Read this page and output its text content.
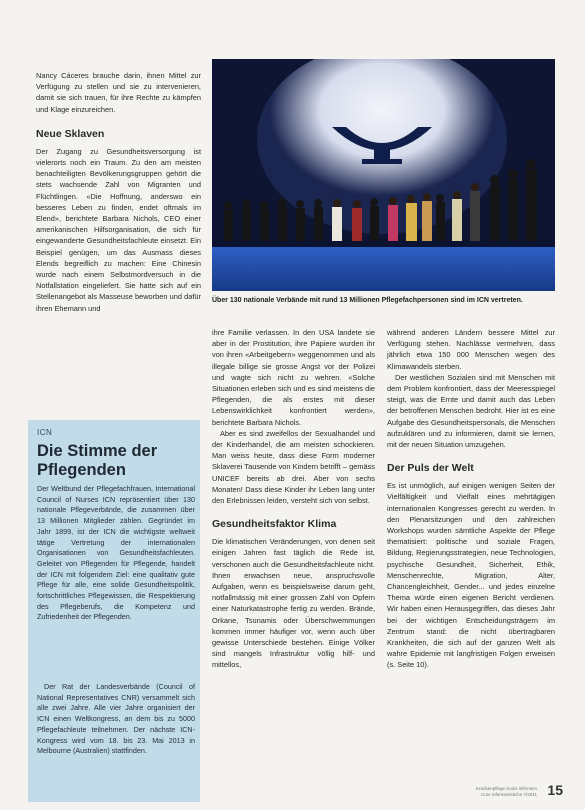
Nancy Cáceres brauche darin, ihnen Mittel zur Verfügung zu stellen und sie zu intervenieren, damit sie sich trauen, für ihre Rechte zu kämpfen und Klage einzureichen.

Neue Sklaven

Der Zugang zu Gesundheitsversorgung ist vielerorts noch ein Traum. Zu den am meisten benachteiligten Bevölkerungsgruppen gehört die stets wachsende Zahl von Migranten und Flüchtlingen. «Die Hoffnung, anderswo ein besseres Leben zu finden, endet oftmals im Elend», berichtete Barbara Nichols, CEO einer amerikanischen Hilfsorganisation, die sich für eingewanderte Gesundheitsfachleute einsetzt. Ein Beispiel genügen, um das Ausmass dieses Elends begreiflich zu machen: Eine Chinesin wurde nach einem Selbstmordversuch in die Notfallstation eingeliefert. Sie hatte sich auf ein Stellenangebot als Masseuse beworben und dafür ihren Ehemann und

Über 130 nationale Verbände mit rund 13 Millionen Pflegefachpersonen sind im ICN vertreten.

ihre Familie verlassen. In den USA landete sie aber in der Prostitution, ihre Papiere wurden ihr von ihren «Arbeitgebern» weggenommen und als illegale billige sie grosse Angst vor der Polizei und wagte sich nicht zu wehren. «Solche Situationen erleben sich und es sind meistens die Pflegenden, die als erstes mit dieser Lebenswirklichkeit konfrontiert werden», berichtete Barbara Nichols.

Aber es sind zweifellos der Sexualhandel und der Kinderhandel, die am meisten schockieren. Man weiss heute, dass diese Form moderner Sklaverei Tausende von Kindern betrifft – gemäss UNICEF bereits ab drei. Aber von sechs Monaten! Dass diese Kinder ihr Leben lang unter den Erlebnissen leiden, versteht sich von selbst.

Gesundheitsfaktor Klima

Die klimatischen Veränderungen, von denen seit einigen Jahren fast täglich die Rede ist, verschonen auch die Gesundheitsfachleute nicht. Ihnen erwachsen neue, anspruchsvolle Aufgaben, wenn es beispielsweise darum geht, notfallmässig mit einer grossen Zahl von Opfern einer Naturkatastrophe fertig zu werden. Brände, Orkane, Tsunamis oder Überschwemmungen kommen immer häufiger vor, wenn auch über gewisse Unterschiede bestehen. Einige Völker sind mangels Infrastruktur völlig hilf- und mittellos,

während anderen Ländern bessere Mittel zur Verfügung stehen. Nachlässe vermehren, dass jährlich etwa 150 000 Menschen wegen des Klimawandels sterben.

Der westlichen Sozialen sind mit Menschen mit dem Problem konfrontiert, dass der Meeresspiegel steigt, was die Ernte und damit auch das Leben der betroffenen Menschen bedroht. Hier ist es eine Aufgabe des Gesundheitspersonals, die Menschen aufzuklären und zu informieren, damit sie lernen, mit der neuen Situation umzugehen.

Der Puls der Welt

Es ist unmöglich, auf einigen wenigen Seiten der Vielfältigkeit und Vielfalt eines mehrtägigen internationalen Kongresses gerecht zu werden. In den Plenarsitzungen und den zahlreichen Workshops wurden sämtliche Aspekte der Pflege thematisiert: politische und soziale Fragen, Bildung, Regierungsstrategien, neue Technologien, psychische Gesundheit, Sicherheit, Ethik, Menschenrechte, Migration, Alter, Chancengleichheit, Gender... und jedes einzelne Thema würde einen eigenen Bericht verdienen. Wir haben einen Herausgegriffen, das dieses Jahr bei der wichtigen Entscheidungsträgern im Zentrum stand: die nicht übertragbaren Krankheiten, die sich auf der ganzen Welt als wahre Epidemie mit langfristigen Folgen erweisen (s. Seite 10).

ICN
Die Stimme der Pflegenden

Der Weltbund der Pflegefachfrauen, International Council of Nurses ICN repräsentiert über 130 nationale Pflegeverbände, die zusammen über 13 Millionen Mitglieder zählen. Gegründet im Jahr 1899, ist der ICN die wichtigste weltweit tätige Vertretung der internationalen Organisationen von Gesundheitsfachleuten. Geleitet von Pflegenden für Pflegende, handelt der ICN mit folgendem Ziel: eine qualitativ gute Pflege für alle, eine solide Gesundheitspolitik, fortschrittliches Pflegewissen, die Respektierung des Pflegeberufs, die Kompetenz und Zufriedenheit der Pflegenden.

Der Rat der Landesverbände (Council of National Representatives CNR) versammelt sich alle zwei Jahre. Alle vier Jahre organisiert der ICN einen Weltkongress, an dem bis zu 5000 Pflegefachleute teilnehmen. Der nächste ICN-Kongress wird vom 18. bis 23. Mai 2013 in Melbourne (Australien) stattfinden.

Krankenpflege Soins infirmiers
Cure infermieristiche 7/2011 15
